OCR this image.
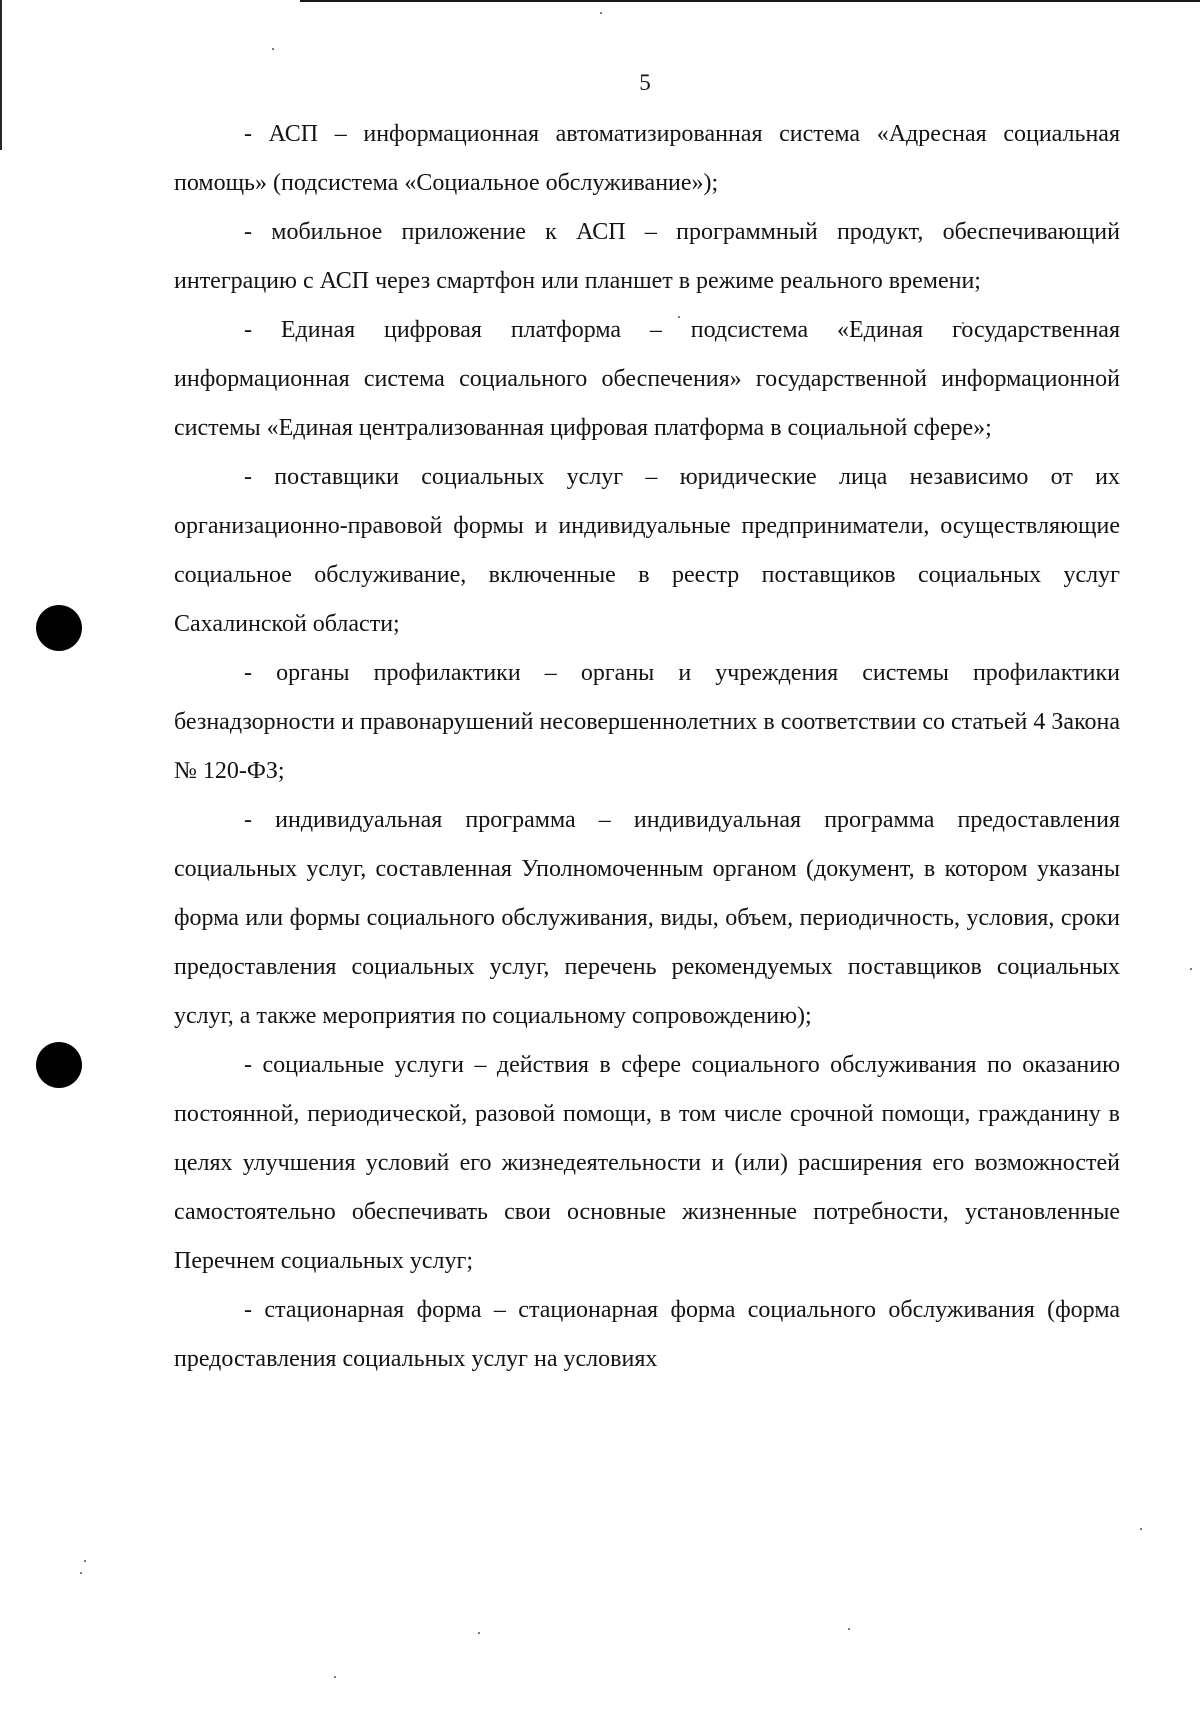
5

- АСП – информационная автоматизированная система «Адресная социальная помощь» (подсистема «Социальное обслуживание»);

- мобильное приложение к АСП – программный продукт, обеспечивающий интеграцию с АСП через смартфон или планшет в режиме реального времени;

- Единая цифровая платформа – подсистема «Единая государственная информационная система социального обеспечения» государственной информационной системы «Единая централизованная цифровая платформа в социальной сфере»;

- поставщики социальных услуг – юридические лица независимо от их организационно-правовой формы и индивидуальные предприниматели, осуществляющие социальное обслуживание, включенные в реестр поставщиков социальных услуг Сахалинской области;

- органы профилактики – органы и учреждения системы профилактики безнадзорности и правонарушений несовершеннолетних в соответствии со статьей 4 Закона № 120-ФЗ;

- индивидуальная программа – индивидуальная программа предоставления социальных услуг, составленная Уполномоченным органом (документ, в котором указаны форма или формы социального обслуживания, виды, объем, периодичность, условия, сроки предоставления социальных услуг, перечень рекомендуемых поставщиков социальных услуг, а также мероприятия по социальному сопровождению);

- социальные услуги – действия в сфере социального обслуживания по оказанию постоянной, периодической, разовой помощи, в том числе срочной помощи, гражданину в целях улучшения условий его жизнедеятельности и (или) расширения его возможностей самостоятельно обеспечивать свои основные жизненные потребности, установленные Перечнем социальных услуг;

- стационарная форма – стационарная форма социального обслуживания (форма предоставления социальных услуг на условиях
